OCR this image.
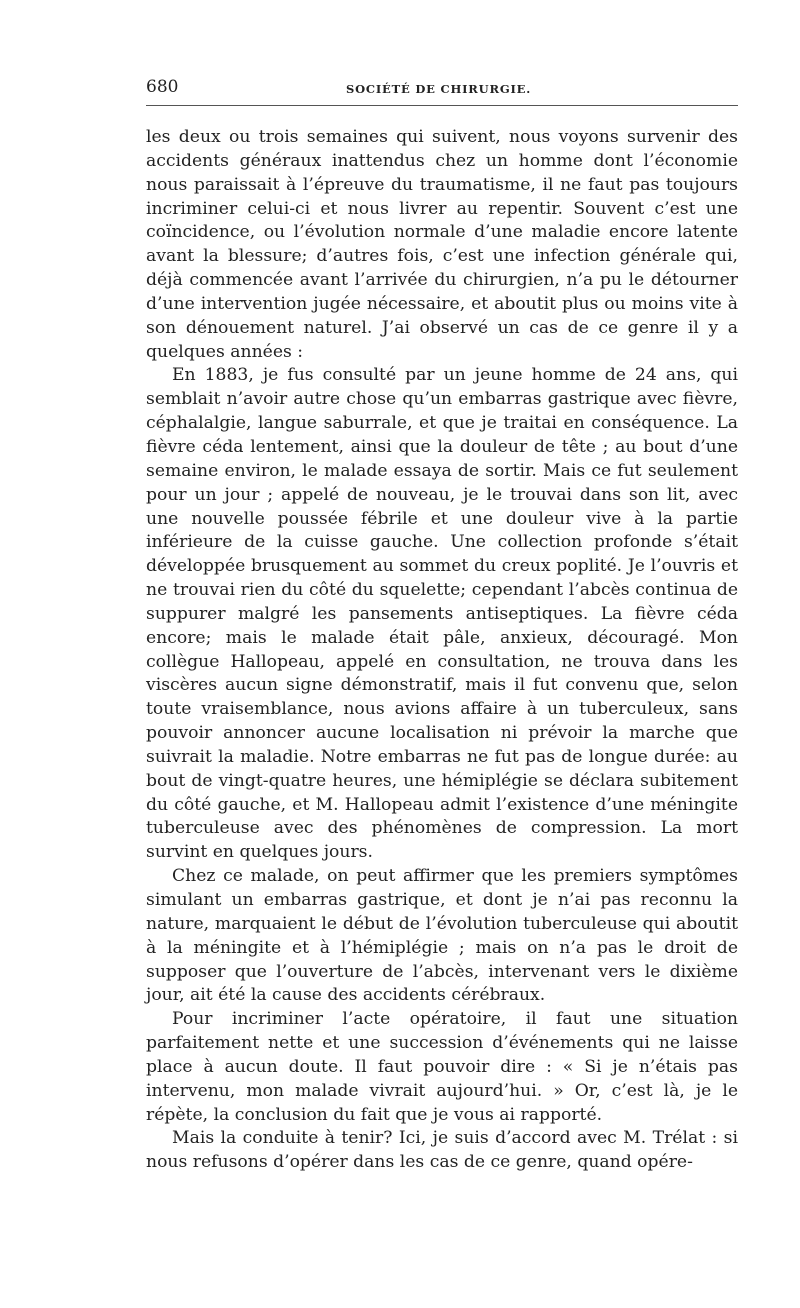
680	SOCIÉTÉ DE CHIRURGIE.

les deux ou trois semaines qui suivent, nous voyons survenir des accidents généraux inattendus chez un homme dont l’économie nous paraissait à l’épreuve du traumatisme, il ne faut pas toujours incriminer celui-ci et nous livrer au repentir. Souvent c’est une coïncidence, ou l’évolution normale d’une maladie encore latente avant la blessure; d’autres fois, c’est une infection générale qui, déjà commencée avant l’arrivée du chirurgien, n’a pu le détourner d’une intervention jugée nécessaire, et aboutit plus ou moins vite à son dénouement naturel. J’ai observé un cas de ce genre il y a quelques années :

En 1883, je fus consulté par un jeune homme de 24 ans, qui semblait n’avoir autre chose qu’un embarras gastrique avec fièvre, céphalalgie, langue saburrale, et que je traitai en conséquence. La fièvre céda lentement, ainsi que la douleur de tête ; au bout d’une semaine environ, le malade essaya de sortir. Mais ce fut seulement pour un jour ; appelé de nouveau, je le trouvai dans son lit, avec une nouvelle poussée fébrile et une douleur vive à la partie inférieure de la cuisse gauche. Une collection profonde s’était développée brusquement au sommet du creux poplité. Je l’ouvris et ne trouvai rien du côté du squelette; cependant l’abcès continua de suppurer malgré les pansements antiseptiques. La fièvre céda encore; mais le malade était pâle, anxieux, découragé. Mon collègue Hallopeau, appelé en consultation, ne trouva dans les viscères aucun signe démonstratif, mais il fut convenu que, selon toute vraisemblance, nous avions affaire à un tuberculeux, sans pouvoir annoncer aucune localisation ni prévoir la marche que suivrait la maladie. Notre embarras ne fut pas de longue durée: au bout de vingt-quatre heures, une hémiplégie se déclara subitement du côté gauche, et M. Hallopeau admit l’existence d’une méningite tuberculeuse avec des phénomènes de compression. La mort survint en quelques jours.

Chez ce malade, on peut affirmer que les premiers symptômes simulant un embarras gastrique, et dont je n’ai pas reconnu la nature, marquaient le début de l’évolution tuberculeuse qui aboutit à la méningite et à l’hémiplégie ; mais on n’a pas le droit de supposer que l’ouverture de l’abcès, intervenant vers le dixième jour, ait été la cause des accidents cérébraux.

Pour incriminer l’acte opératoire, il faut une situation parfaitement nette et une succession d’événements qui ne laisse place à aucun doute. Il faut pouvoir dire : « Si je n’étais pas intervenu, mon malade vivrait aujourd’hui. » Or, c’est là, je le répète, la conclusion du fait que je vous ai rapporté.

Mais la conduite à tenir? Ici, je suis d’accord avec M. Trélat : si nous refusons d’opérer dans les cas de ce genre, quand opére-
